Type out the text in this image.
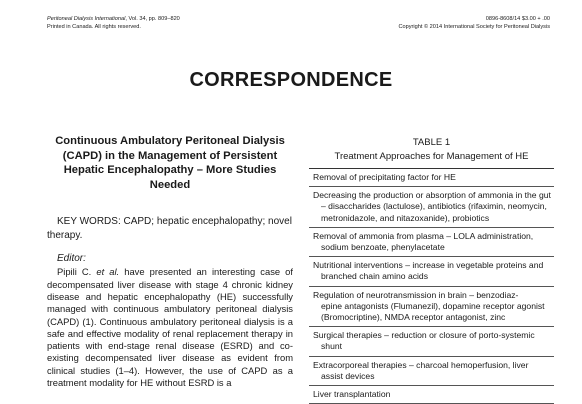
Peritoneal Dialysis International, Vol. 34, pp. 809–820
Printed in Canada. All rights reserved.
0896-8608/14 $3.00 + .00
Copyright © 2014 International Society for Peritoneal Dialysis
CORRESPONDENCE
Continuous Ambulatory Peritoneal Dialysis (CAPD) in the Management of Persistent Hepatic Encephalopathy – More Studies Needed
KEY WORDS: CAPD; hepatic encephalopathy; novel therapy.
Editor:
Pipili C. et al. have presented an interesting case of decompensated liver disease with stage 4 chronic kidney disease and hepatic encephalopathy (HE) successfully managed with continuous ambulatory peritoneal dialysis (CAPD) (1). Continuous ambulatory peritoneal dialysis is a safe and effective modality of renal replacement therapy in patients with end-stage renal disease (ESRD) and co-existing decompensated liver disease as evident from clinical studies (1–4). However, the use of CAPD as a treatment modality for HE without ESRD is a
TABLE 1
Treatment Approaches for Management of HE
Removal of precipitating factor for HE
Decreasing the production or absorption of ammonia in the gut
– disaccharides (lactulose), antibiotics (rifaximin, neomycin, metronidazole, and nitazoxanide), probiotics
Removal of ammonia from plasma – LOLA administration,
sodium benzoate, phenylacetate
Nutritional interventions – increase in vegetable proteins and
branched chain amino acids
Regulation of neurotransmission in brain – benzodiaz-
epine antagonists (Flumanezil), dopamine receptor agonist (Bromocriptine), NMDA receptor antagonist, zinc
Surgical therapies – reduction or closure of porto-systemic
shunt
Extracorporeal therapies – charcoal hemoperfusion, liver
assist devices
Liver transplantation
